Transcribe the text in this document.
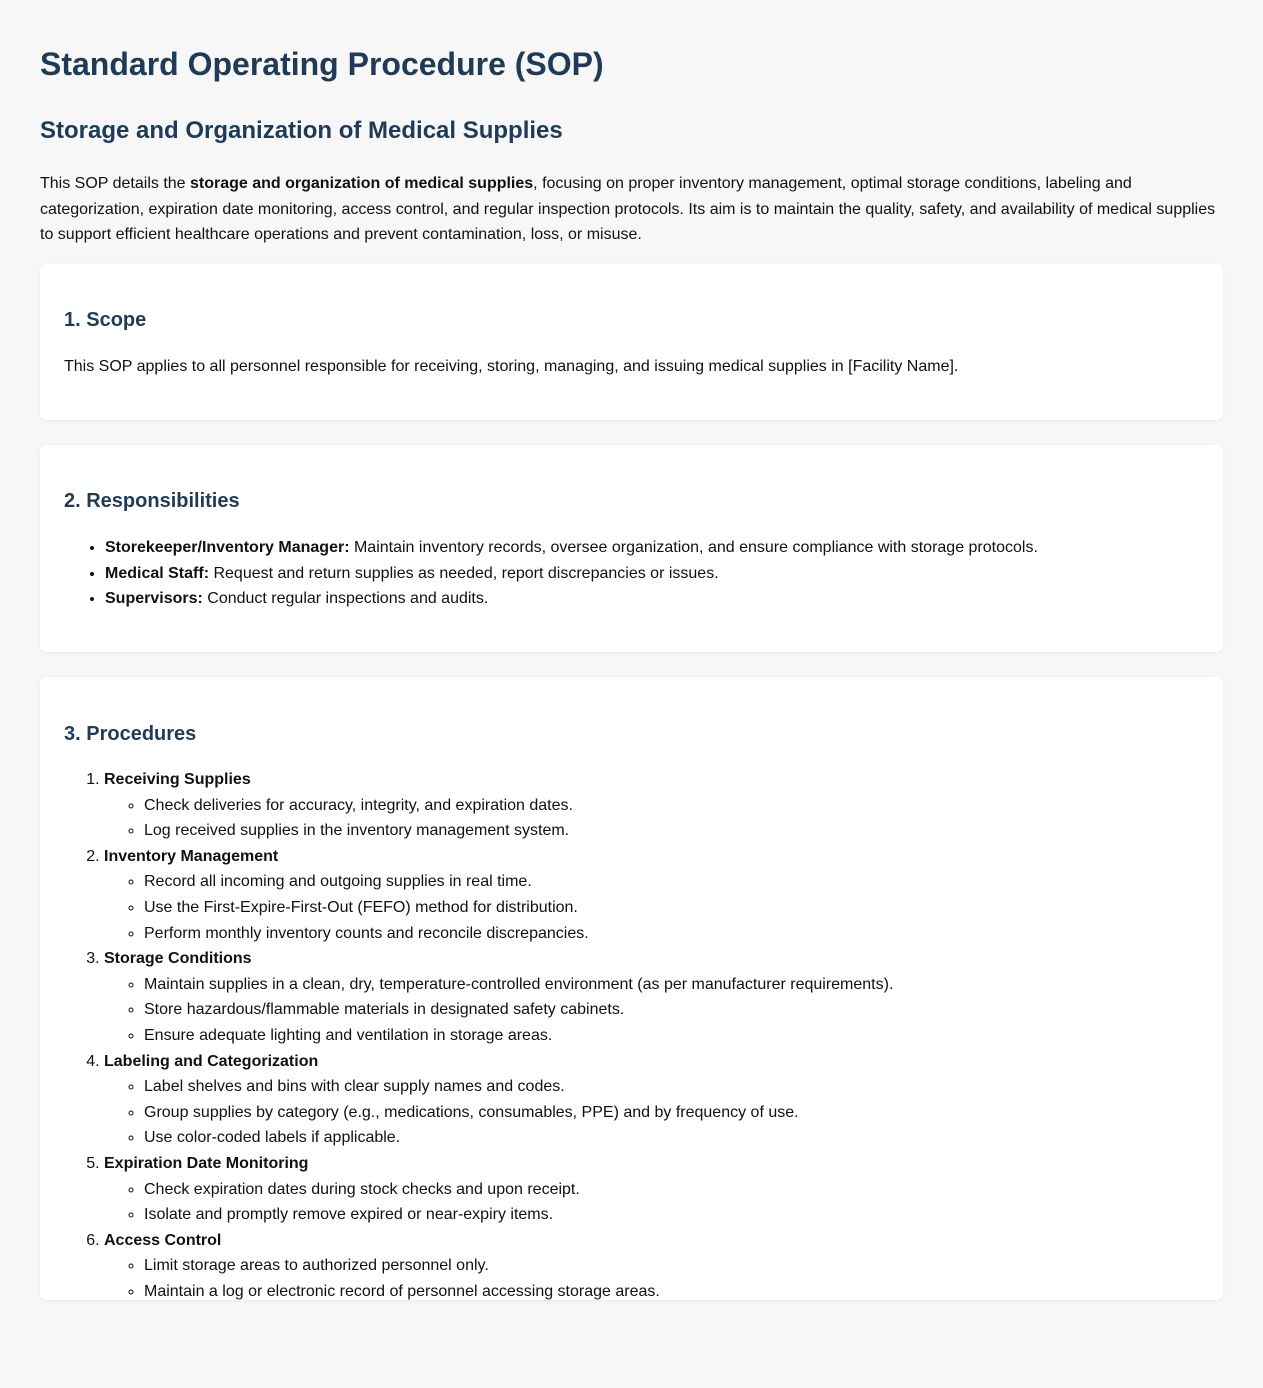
Standard Operating Procedure (SOP)
Storage and Organization of Medical Supplies

This SOP details the storage and organization of medical supplies, focusing on proper inventory management, optimal storage conditions, labeling and categorization, expiration date monitoring, access control, and regular inspection protocols. Its aim is to maintain the quality, safety, and availability of medical supplies to support efficient healthcare operations and prevent contamination, loss, or misuse.

1. Scope

This SOP applies to all personnel responsible for receiving, storing, managing, and issuing medical supplies in [Facility Name].

2. Responsibilities
• Storekeeper/Inventory Manager: Maintain inventory records, oversee organization, and ensure compliance with storage protocols.
• Medical Staff: Request and return supplies as needed, report discrepancies or issues.
• Supervisors: Conduct regular inspections and audits.
3. Procedures
1. Receiving Supplies
◦ Check deliveries for accuracy, integrity, and expiration dates.
◦ Log received supplies in the inventory management system.
2. Inventory Management
◦ Record all incoming and outgoing supplies in real time.
◦ Use the First-Expire-First-Out (FEFO) method for distribution.
◦ Perform monthly inventory counts and reconcile discrepancies.
3. Storage Conditions
◦ Maintain supplies in a clean, dry, temperature-controlled environment (as per manufacturer requirements).
◦ Store hazardous/flammable materials in designated safety cabinets.
◦ Ensure adequate lighting and ventilation in storage areas.
4. Labeling and Categorization
◦ Label shelves and bins with clear supply names and codes.
◦ Group supplies by category (e.g., medications, consumables, PPE) and by frequency of use.
◦ Use color-coded labels if applicable.
5. Expiration Date Monitoring
◦ Check expiration dates during stock checks and upon receipt.
◦ Isolate and promptly remove expired or near-expiry items.
6. Access Control
◦ Limit storage areas to authorized personnel only.
◦ Maintain a log or electronic record of personnel accessing storage areas.
